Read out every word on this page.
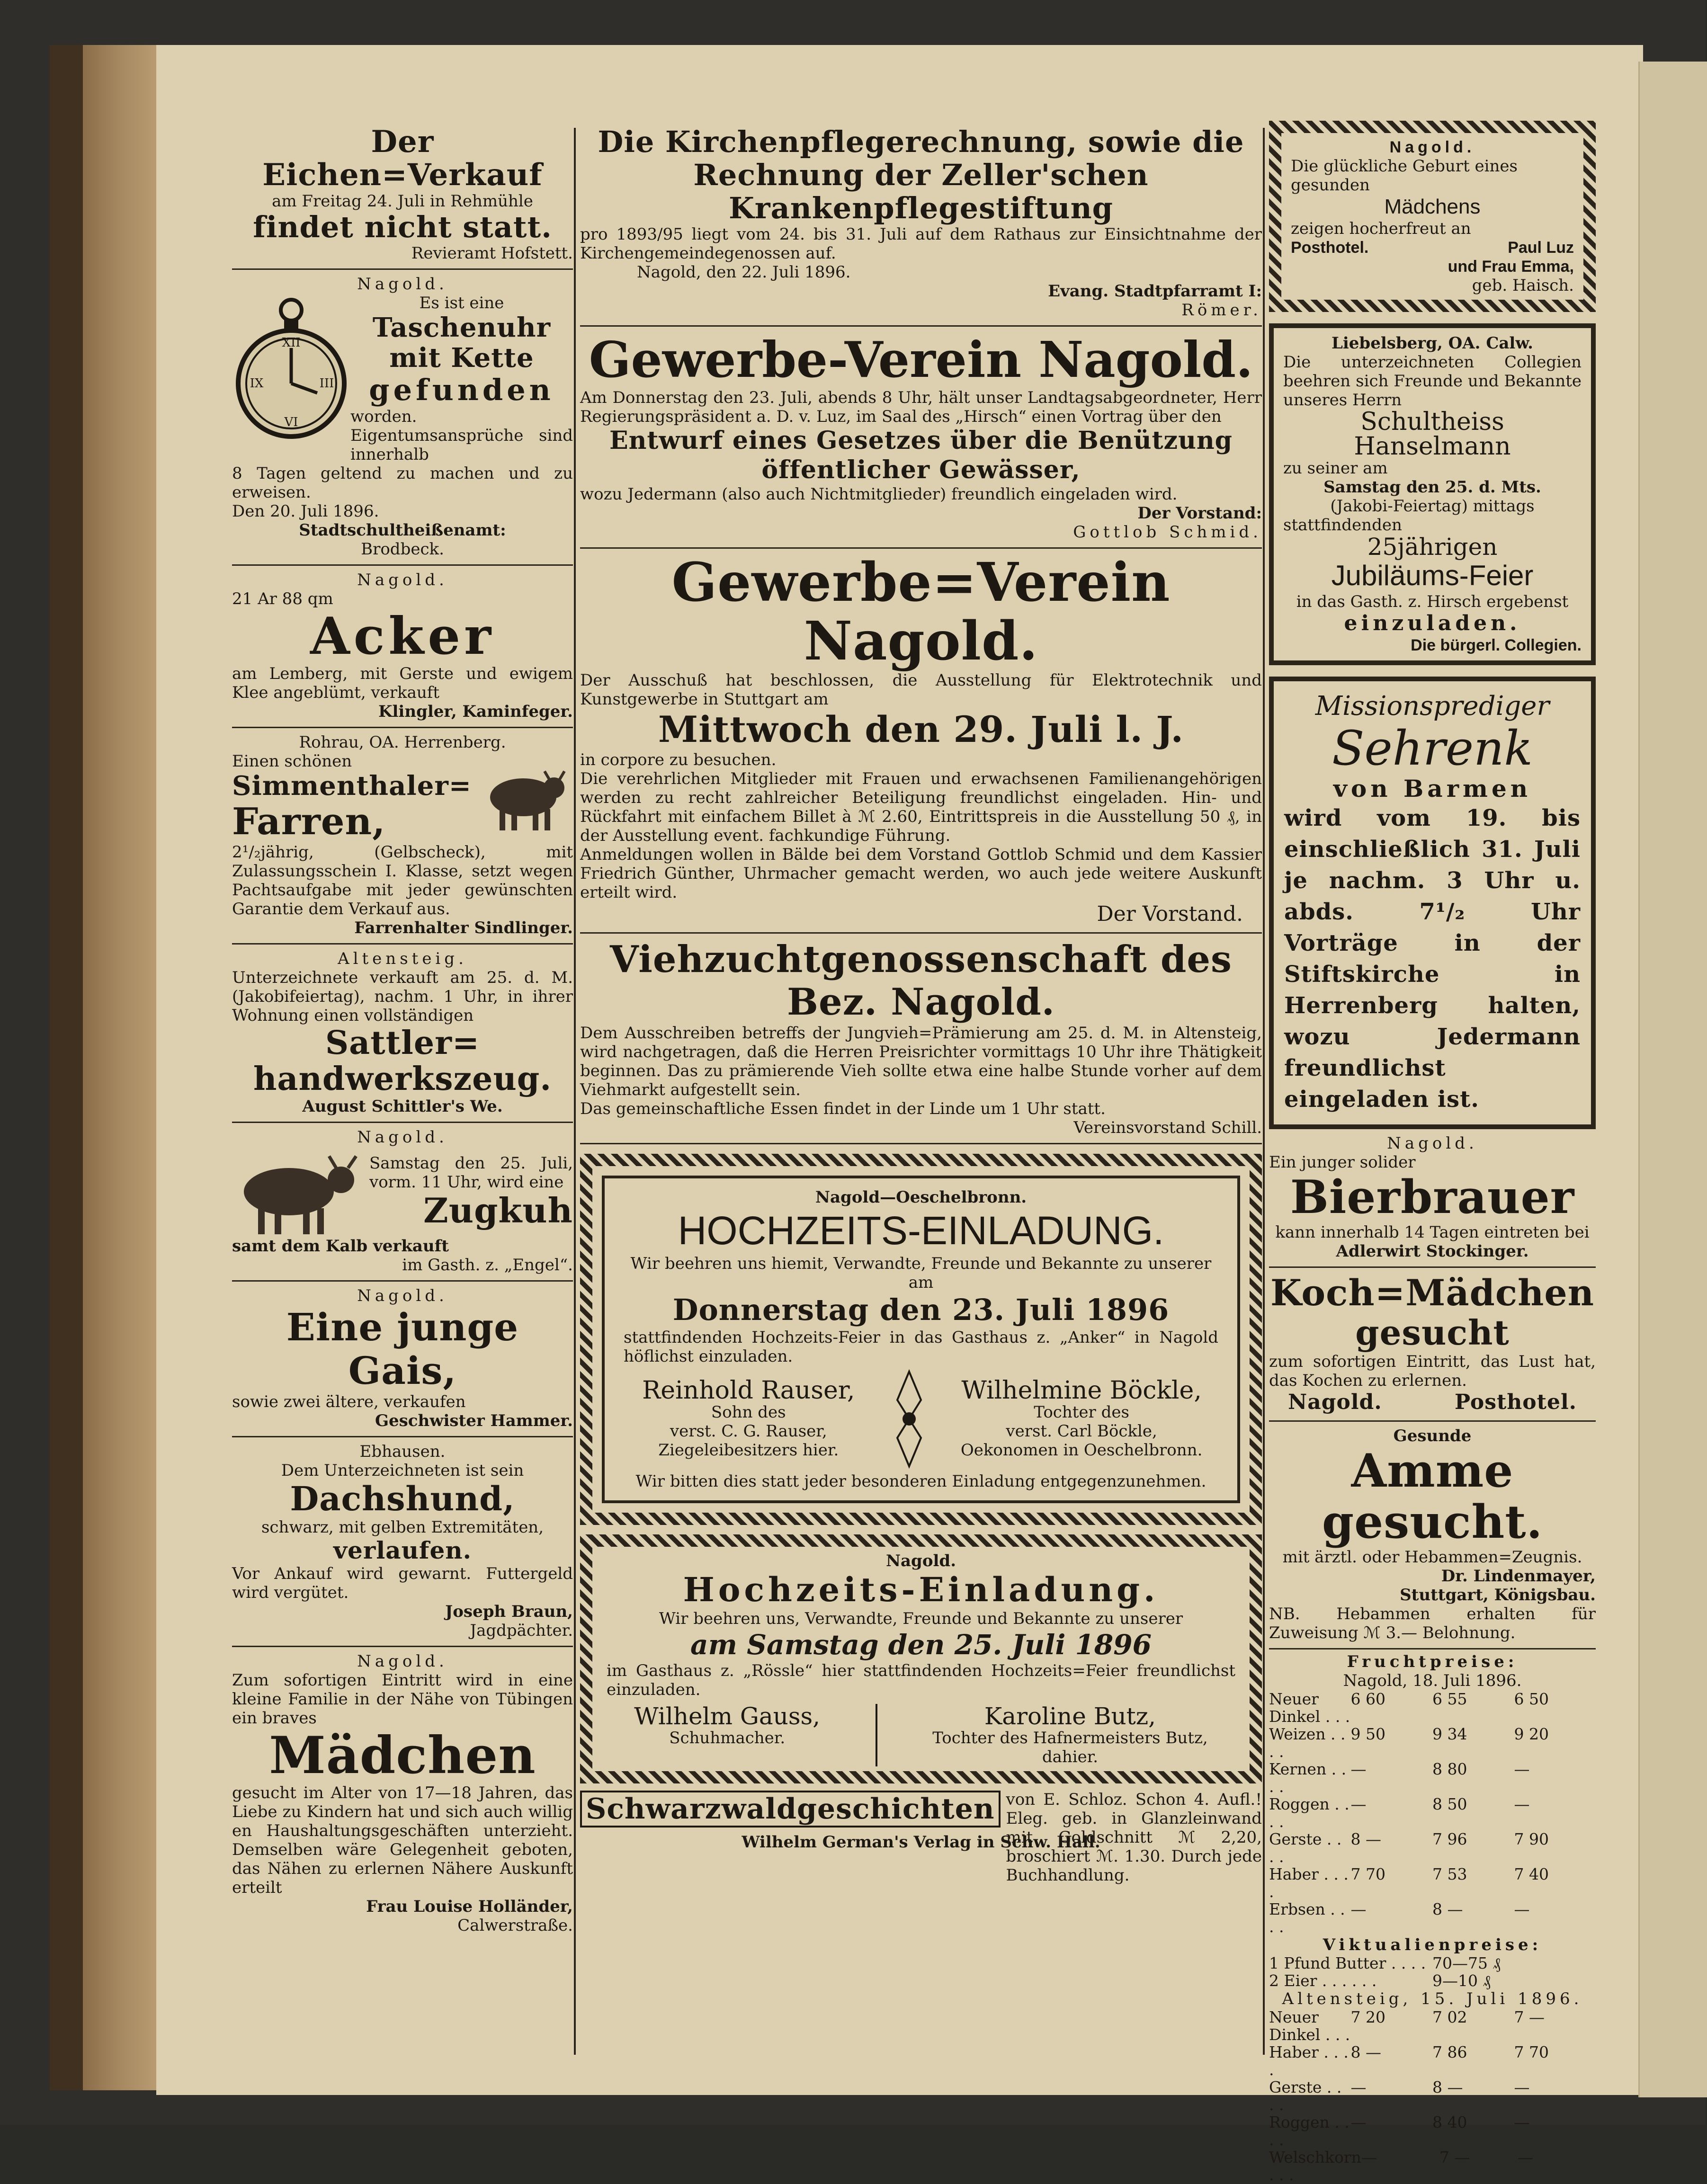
Der Eichen=Verkauf
am Freitag 24. Juli in Rehmühle
findet nicht statt.
Revieramt Hofstett.
Nagold.
XII
III
VI
IX
Es ist eine
Taschenuhr
mit Kette
gefunden
worden. Eigentumsansprüche sind innerhalb
8 Tagen geltend zu machen und zu erweisen.
Den 20. Juli 1896.
Stadtschultheißenamt:
Brodbeck.
Nagold.
21 Ar 88 qm
Acker
am Lemberg, mit Gerste und ewigem Klee angeblümt, verkauft
Klingler, Kaminfeger.
Rohrau, OA. Herrenberg.
Einen schönen
Simmenthaler=
Farren,
2¹/₂jährig, (Gelbscheck), mit Zulassungsschein I. Klasse, setzt wegen Pachtsaufgabe mit jeder gewünschten Garantie dem Verkauf aus.
Farrenhalter Sindlinger.
Altensteig.
Unterzeichnete verkauft am 25. d. M. (Jakobifeiertag), nachm. 1 Uhr, in ihrer Wohnung einen vollständigen
Sattler=
handwerkszeug.
August Schittler's We.
Nagold.
Samstag den 25. Juli, vorm. 11 Uhr, wird eine
Zugkuh
samt dem Kalb verkauft
im Gasth. z. „Engel“.
Nagold.
Eine junge Gais,
sowie zwei ältere, verkaufen
Geschwister Hammer.
Ebhausen.
Dem Unterzeichneten ist sein
Dachshund,
schwarz, mit gelben Extremitäten,
verlaufen.
Vor Ankauf wird gewarnt. Futtergeld wird vergütet.
Joseph Braun,
Jagdpächter.
Nagold.
Zum sofortigen Eintritt wird in eine kleine Familie in der Nähe von Tübingen ein braves
Mädchen
gesucht im Alter von 17—18 Jahren, das Liebe zu Kindern hat und sich auch willig en Haushaltungsgeschäften unterzieht. Demselben wäre Gelegenheit geboten, das Nähen zu erlernen Nähere Auskunft erteilt
Frau Louise Holländer,
Calwerstraße.
Die Kirchenpflegerechnung, sowie die
Rechnung der Zeller'schen Krankenpflegestiftung
pro 1893/95 liegt vom 24. bis 31. Juli auf dem Rathaus zur Einsichtnahme der Kirchengemeindegenossen auf.
Nagold, den 22. Juli 1896.
Evang. Stadtpfarramt I:
Römer.
Gewerbe-Verein Nagold.
Am Donnerstag den 23. Juli, abends 8 Uhr, hält unser Landtagsabgeordneter, Herr Regierungspräsident a. D. v. Luz, im Saal des „Hirsch“ einen Vortrag über den
Entwurf eines Gesetzes über die Benützung öffentlicher Gewässer,
wozu Jedermann (also auch Nichtmitglieder) freundlich eingeladen wird.
Der Vorstand:
Gottlob Schmid.
Gewerbe=Verein Nagold.
Der Ausschuß hat beschlossen, die Ausstellung für Elektrotechnik und Kunstgewerbe in Stuttgart am
Mittwoch den 29. Juli l. J.
in corpore zu besuchen.
Die verehrlichen Mitglieder mit Frauen und erwachsenen Familienangehörigen werden zu recht zahlreicher Beteiligung freundlichst eingeladen. Hin- und Rückfahrt mit einfachem Billet à ℳ 2.60, Eintrittspreis in die Ausstellung 50 ₰, in der Ausstellung event. fachkundige Führung.
Anmeldungen wollen in Bälde bei dem Vorstand Gottlob Schmid und dem Kassier Friedrich Günther, Uhrmacher gemacht werden, wo auch jede weitere Auskunft erteilt wird.
Der Vorstand.
Viehzuchtgenossenschaft des Bez. Nagold.
Dem Ausschreiben betreffs der Jungvieh=Prämierung am 25. d. M. in Altensteig, wird nachgetragen, daß die Herren Preisrichter vormittags 10 Uhr ihre Thätigkeit beginnen. Das zu prämierende Vieh sollte etwa eine halbe Stunde vorher auf dem Viehmarkt aufgestellt sein.
Das gemeinschaftliche Essen findet in der Linde um 1 Uhr statt.
Vereinsvorstand Schill.
Nagold—Oeschelbronn.
HOCHZEITS-EINLADUNG.
Wir beehren uns hiemit, Verwandte, Freunde und Bekannte zu unserer am
Donnerstag den 23. Juli 1896
stattfindenden Hochzeits-Feier in das Gasthaus z. „Anker“ in Nagold höflichst einzuladen.
Reinhold Rauser,
Sohn des
verst. C. G. Rauser,
Ziegeleibesitzers hier.
Wilhelmine Böckle,
Tochter des
verst. Carl Böckle,
Oekonomen in Oeschelbronn.
Wir bitten dies statt jeder besonderen Einladung entgegenzunehmen.
Nagold.
Hochzeits-Einladung.
Wir beehren uns, Verwandte, Freunde und Bekannte zu unserer
am Samstag den 25. Juli 1896
im Gasthaus z. „Rössle“ hier stattfindenden Hochzeits=Feier freundlichst einzuladen.
Wilhelm Gauss,
Schuhmacher.
Karoline Butz,
Tochter des Hafnermeisters Butz,
dahier.
Schwarzwaldgeschichten von E. Schloz. Schon 4. Aufl.! Eleg. geb. in Glanzleinwand mit Goldschnitt ℳ 2,20, broschiert ℳ. 1.30. Durch jede Buchhandlung.
Wilhelm German's Verlag in Schw. Hall.
Nagold.
Die glückliche Geburt eines gesunden
Mädchens
zeigen hocherfreut an
Posthotel.	Paul Luz
und Frau Emma,
geb. Haisch.
Liebelsberg, OA. Calw.
Die unterzeichneten Collegien beehren sich Freunde und Bekannte unseres Herrn
Schultheiss Hanselmann
zu seiner am
Samstag den 25. d. Mts.
(Jakobi-Feiertag) mittags
stattfindenden
25jährigen
Jubiläums-Feier
in das Gasth. z. Hirsch ergebenst
einzuladen.
Die bürgerl. Collegien.
Missionsprediger
Sehrenk
von Barmen
wird vom 19. bis einschließlich 31. Juli je nachm. 3 Uhr u. abds. 7¹/₂ Uhr Vorträge in der Stiftskirche in Herrenberg halten, wozu Jedermann freundlichst eingeladen ist.
Nagold.
Ein junger solider
Bierbrauer
kann innerhalb 14 Tagen eintreten bei
Adlerwirt Stockinger.
Koch=Mädchen
gesucht
zum sofortigen Eintritt, das Lust hat, das Kochen zu erlernen.
Nagold.	Posthotel.
Gesunde
Amme gesucht.
mit ärztl. oder Hebammen=Zeugnis.
Dr. Lindenmayer,
Stuttgart, Königsbau.
NB. Hebammen erhalten für Zuweisung ℳ 3.— Belohnung.
Fruchtpreise:
Nagold, 18. Juli 1896.
Neuer Dinkel . . .
6 60	6 55	6 50
Weizen . . . .
9 50	9 34	9 20
Kernen . . . .
—	8 80	—
Roggen . . . .
—	8 50	—
Gerste . . . .
8 —	7 96	7 90
Haber . . . .
7 70	7 53	7 40
Erbsen . . . .
—	8 —	—
Viktualienpreise:
1 Pfund Butter . . . . 70—75 ₰
2 Eier . . . . . .	9—10 ₰
Altensteig, 15. Juli 1896.
Neuer Dinkel . . .
7 20	7 02	7 —
Haber . . . .
8 —	7 86	7 70
Gerste . . . .
—	8 —	—
Roggen . . . .
—	8 40	—
Welschkorn . . .
—	7 —	—
